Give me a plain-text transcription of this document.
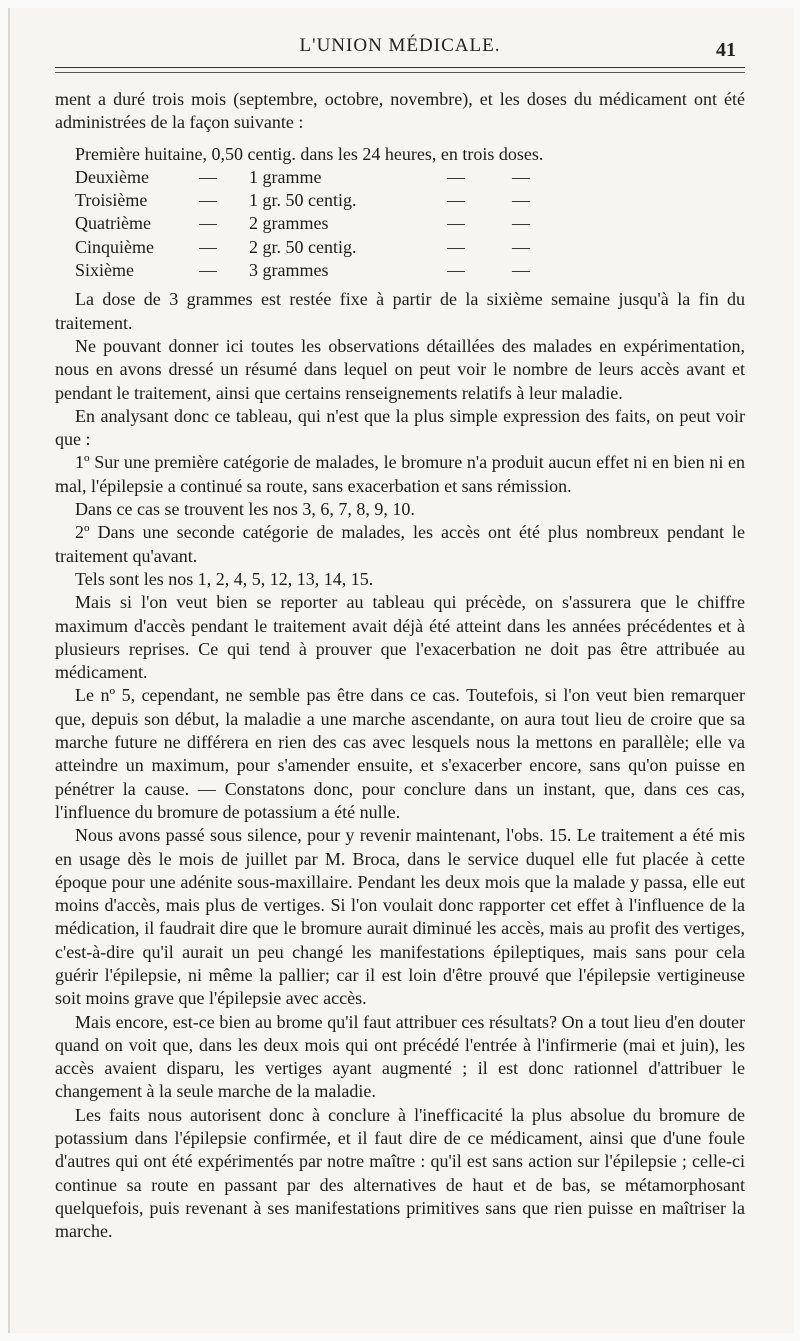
L'UNION MÉDICALE.	41

ment a duré trois mois (septembre, octobre, novembre), et les doses du médicament ont été administrées de la façon suivante :

Première huitaine, 0,50 centig. dans les 24 heures, en trois doses.				
Deuxième	—	1 gramme	—	—
Troisième	—	1 gr. 50 centig.	—	—
Quatrième	—	2 grammes	—	—
Cinquième	—	2 gr. 50 centig.	—	—
Sixième	—	3 grammes	—	—

La dose de 3 grammes est restée fixe à partir de la sixième semaine jusqu'à la fin du traitement.

Ne pouvant donner ici toutes les observations détaillées des malades en expérimentation, nous en avons dressé un résumé dans lequel on peut voir le nombre de leurs accès avant et pendant le traitement, ainsi que certains renseignements relatifs à leur maladie.

En analysant donc ce tableau, qui n'est que la plus simple expression des faits, on peut voir que :

1º Sur une première catégorie de malades, le bromure n'a produit aucun effet ni en bien ni en mal, l'épilepsie a continué sa route, sans exacerbation et sans rémission.

Dans ce cas se trouvent les nos 3, 6, 7, 8, 9, 10.

2º Dans une seconde catégorie de malades, les accès ont été plus nombreux pendant le traitement qu'avant.

Tels sont les nos 1, 2, 4, 5, 12, 13, 14, 15.

Mais si l'on veut bien se reporter au tableau qui précède, on s'assurera que le chiffre maximum d'accès pendant le traitement avait déjà été atteint dans les années précédentes et à plusieurs reprises. Ce qui tend à prouver que l'exacerbation ne doit pas être attribuée au médicament.

Le nº 5, cependant, ne semble pas être dans ce cas. Toutefois, si l'on veut bien remarquer que, depuis son début, la maladie a une marche ascendante, on aura tout lieu de croire que sa marche future ne différera en rien des cas avec lesquels nous la mettons en parallèle; elle va atteindre un maximum, pour s'amender ensuite, et s'exacerber encore, sans qu'on puisse en pénétrer la cause. — Constatons donc, pour conclure dans un instant, que, dans ces cas, l'influence du bromure de potassium a été nulle.

Nous avons passé sous silence, pour y revenir maintenant, l'obs. 15. Le traitement a été mis en usage dès le mois de juillet par M. Broca, dans le service duquel elle fut placée à cette époque pour une adénite sous-maxillaire. Pendant les deux mois que la malade y passa, elle eut moins d'accès, mais plus de vertiges. Si l'on voulait donc rapporter cet effet à l'influence de la médication, il faudrait dire que le bromure aurait diminué les accès, mais au profit des vertiges, c'est-à-dire qu'il aurait un peu changé les manifestations épileptiques, mais sans pour cela guérir l'épilepsie, ni même la pallier; car il est loin d'être prouvé que l'épilepsie vertigineuse soit moins grave que l'épilepsie avec accès.

Mais encore, est-ce bien au brome qu'il faut attribuer ces résultats? On a tout lieu d'en douter quand on voit que, dans les deux mois qui ont précédé l'entrée à l'infirmerie (mai et juin), les accès avaient disparu, les vertiges ayant augmenté ; il est donc rationnel d'attribuer le changement à la seule marche de la maladie.

Les faits nous autorisent donc à conclure à l'inefficacité la plus absolue du bromure de potassium dans l'épilepsie confirmée, et il faut dire de ce médicament, ainsi que d'une foule d'autres qui ont été expérimentés par notre maître : qu'il est sans action sur l'épilepsie ; celle-ci continue sa route en passant par des alternatives de haut et de bas, se métamorphosant quelquefois, puis revenant à ses manifestations primitives sans que rien puisse en maîtriser la marche.
